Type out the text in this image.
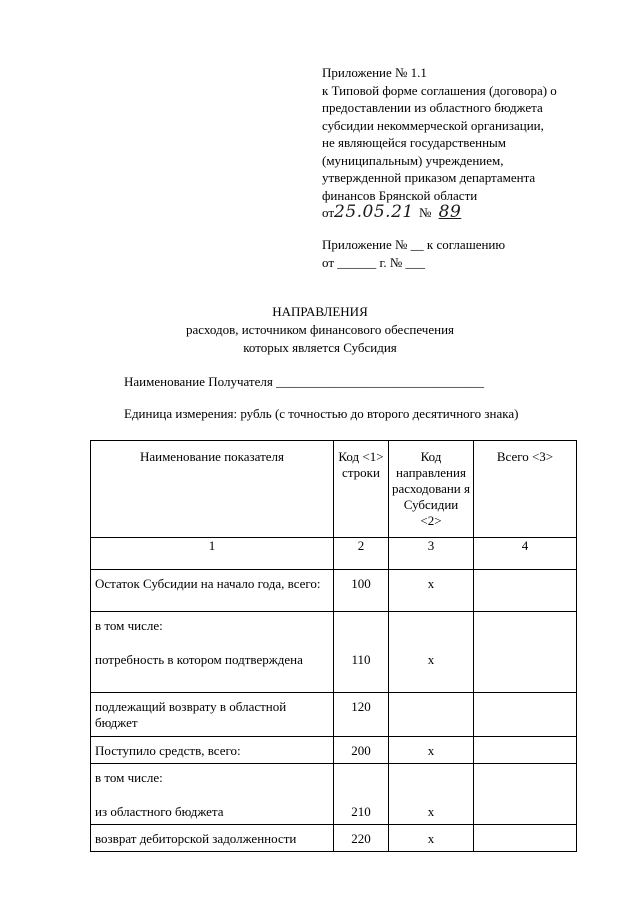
Приложение № 1.1
к Типовой форме соглашения (договора) о
предоставлении из областного бюджета
субсидии некоммерческой организации,
не являющейся государственным
(муниципальным) учреждением,
утвержденной приказом департамента
финансов Брянской области
от25.05.21 № 89
Приложение № __ к соглашению
от ______ г. № ___
НАПРАВЛЕНИЯ
расходов, источником финансового обеспечения
которых является Субсидия
Наименование Получателя ________________________________
Единица измерения: рубль (с точностью до второго десятичного знака)
Наименование показателя	Код <1> строки	Код направления расходовани я Субсидии <2>	Всего <3>

1	2	3	4

Остаток Субсидии на начало года, всего:	100	x	

в том числе:
потребность в котором подтверждена	110	x	

подлежащий возврату в областной бюджет	120		

Поступило средств, всего:	200	x	

в том числе:
из областного бюджета	210	x	

возврат дебиторской задолженности	220	x	
